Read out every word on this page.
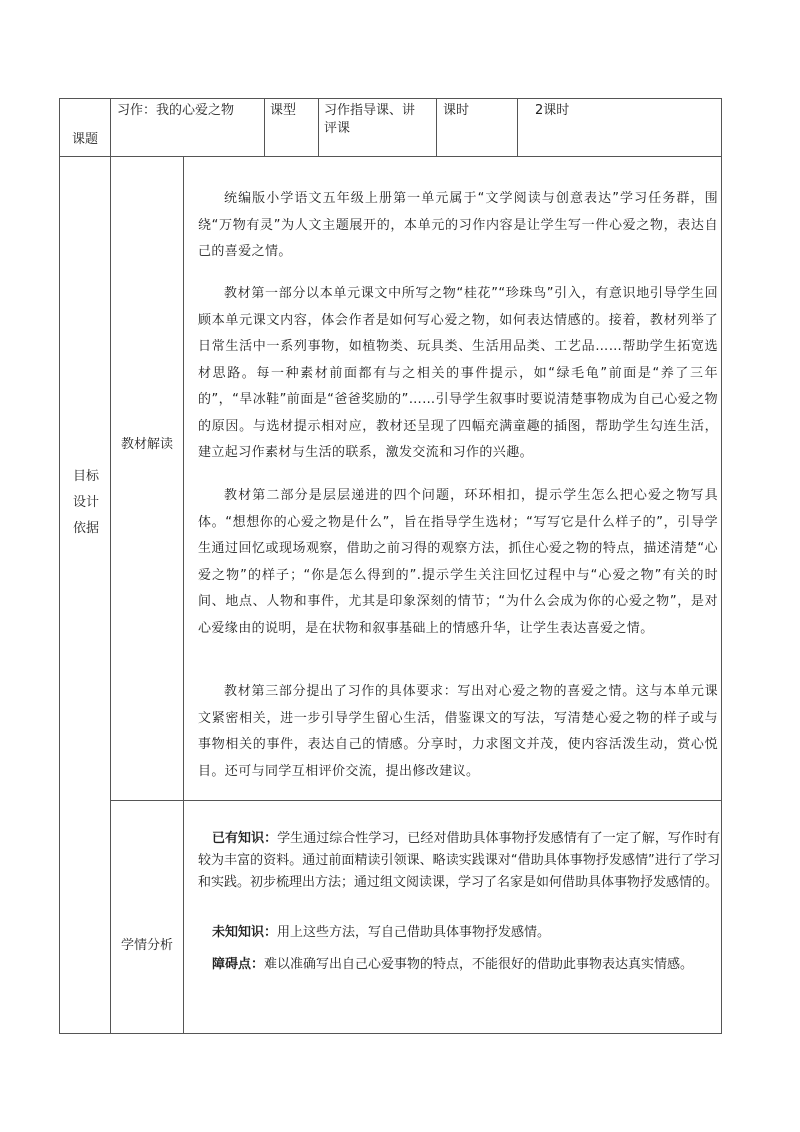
课题
习作：我的心爱之物	课型 习作指导课、讲评课
课时	2课时
目标设计依据
教材解读
学情分析

统编版小学语文五年级上册第一单元属于“文学阅读与创意表达”学习任务群，围绕“万物有灵”为人文主题展开的，本单元的习作内容是让学生写一件心爱之物，表达自己的喜爱之情。

教材第一部分以本单元课文中所写之物“桂花”“珍珠鸟”引入，有意识地引导学生回顾本单元课文内容，体会作者是如何写心爱之物，如何表达情感的。接着，教材列举了日常生活中一系列事物，如植物类、玩具类、生活用品类、工艺品……帮助学生拓宽选材思路。每一种素材前面都有与之相关的事件提示，如“绿毛龟”前面是“养了三年的”，“旱冰鞋”前面是“爸爸奖励的”……引导学生叙事时要说清楚事物成为自己心爱之物的原因。与选材提示相对应，教材还呈现了四幅充满童趣的插图，帮助学生勾连生活，建立起习作素材与生活的联系，激发交流和习作的兴趣。

教材第二部分是层层递进的四个问题，环环相扣，提示学生怎么把心爱之物写具体。“想想你的心爱之物是什么”，旨在指导学生选材；“写写它是什么样子的”，引导学生通过回忆或现场观察，借助之前习得的观察方法，抓住心爱之物的特点，描述清楚“心爱之物”的样子；“你是怎么得到的”.提示学生关注回忆过程中与“心爱之物”有关的时间、地点、人物和事件，尤其是印象深刻的情节；“为什么会成为你的心爱之物”，是对心爱缘由的说明，是在状物和叙事基础上的情感升华，让学生表达喜爱之情。

教材第三部分提出了习作的具体要求：写出对心爱之物的喜爱之情。这与本单元课文紧密相关，进一步引导学生留心生活，借鉴课文的写法，写清楚心爱之物的样子或与事物相关的事件，表达自己的情感。分享时，力求图文并茂，使内容活泼生动，赏心悦目。还可与同学互相评价交流，提出修改建议。

已有知识：学生通过综合性学习，已经对借助具体事物抒发感情有了一定了解，写作时有较为丰富的资料。通过前面精读引领课、略读实践课对“借助具体事物抒发感情”进行了学习和实践。初步梳理出方法；通过组文阅读课，学习了名家是如何借助具体事物抒发感情的。

未知知识：用上这些方法，写自己借助具体事物抒发感情。

障碍点：难以准确写出自己心爱事物的特点，不能很好的借助此事物表达真实情感。
